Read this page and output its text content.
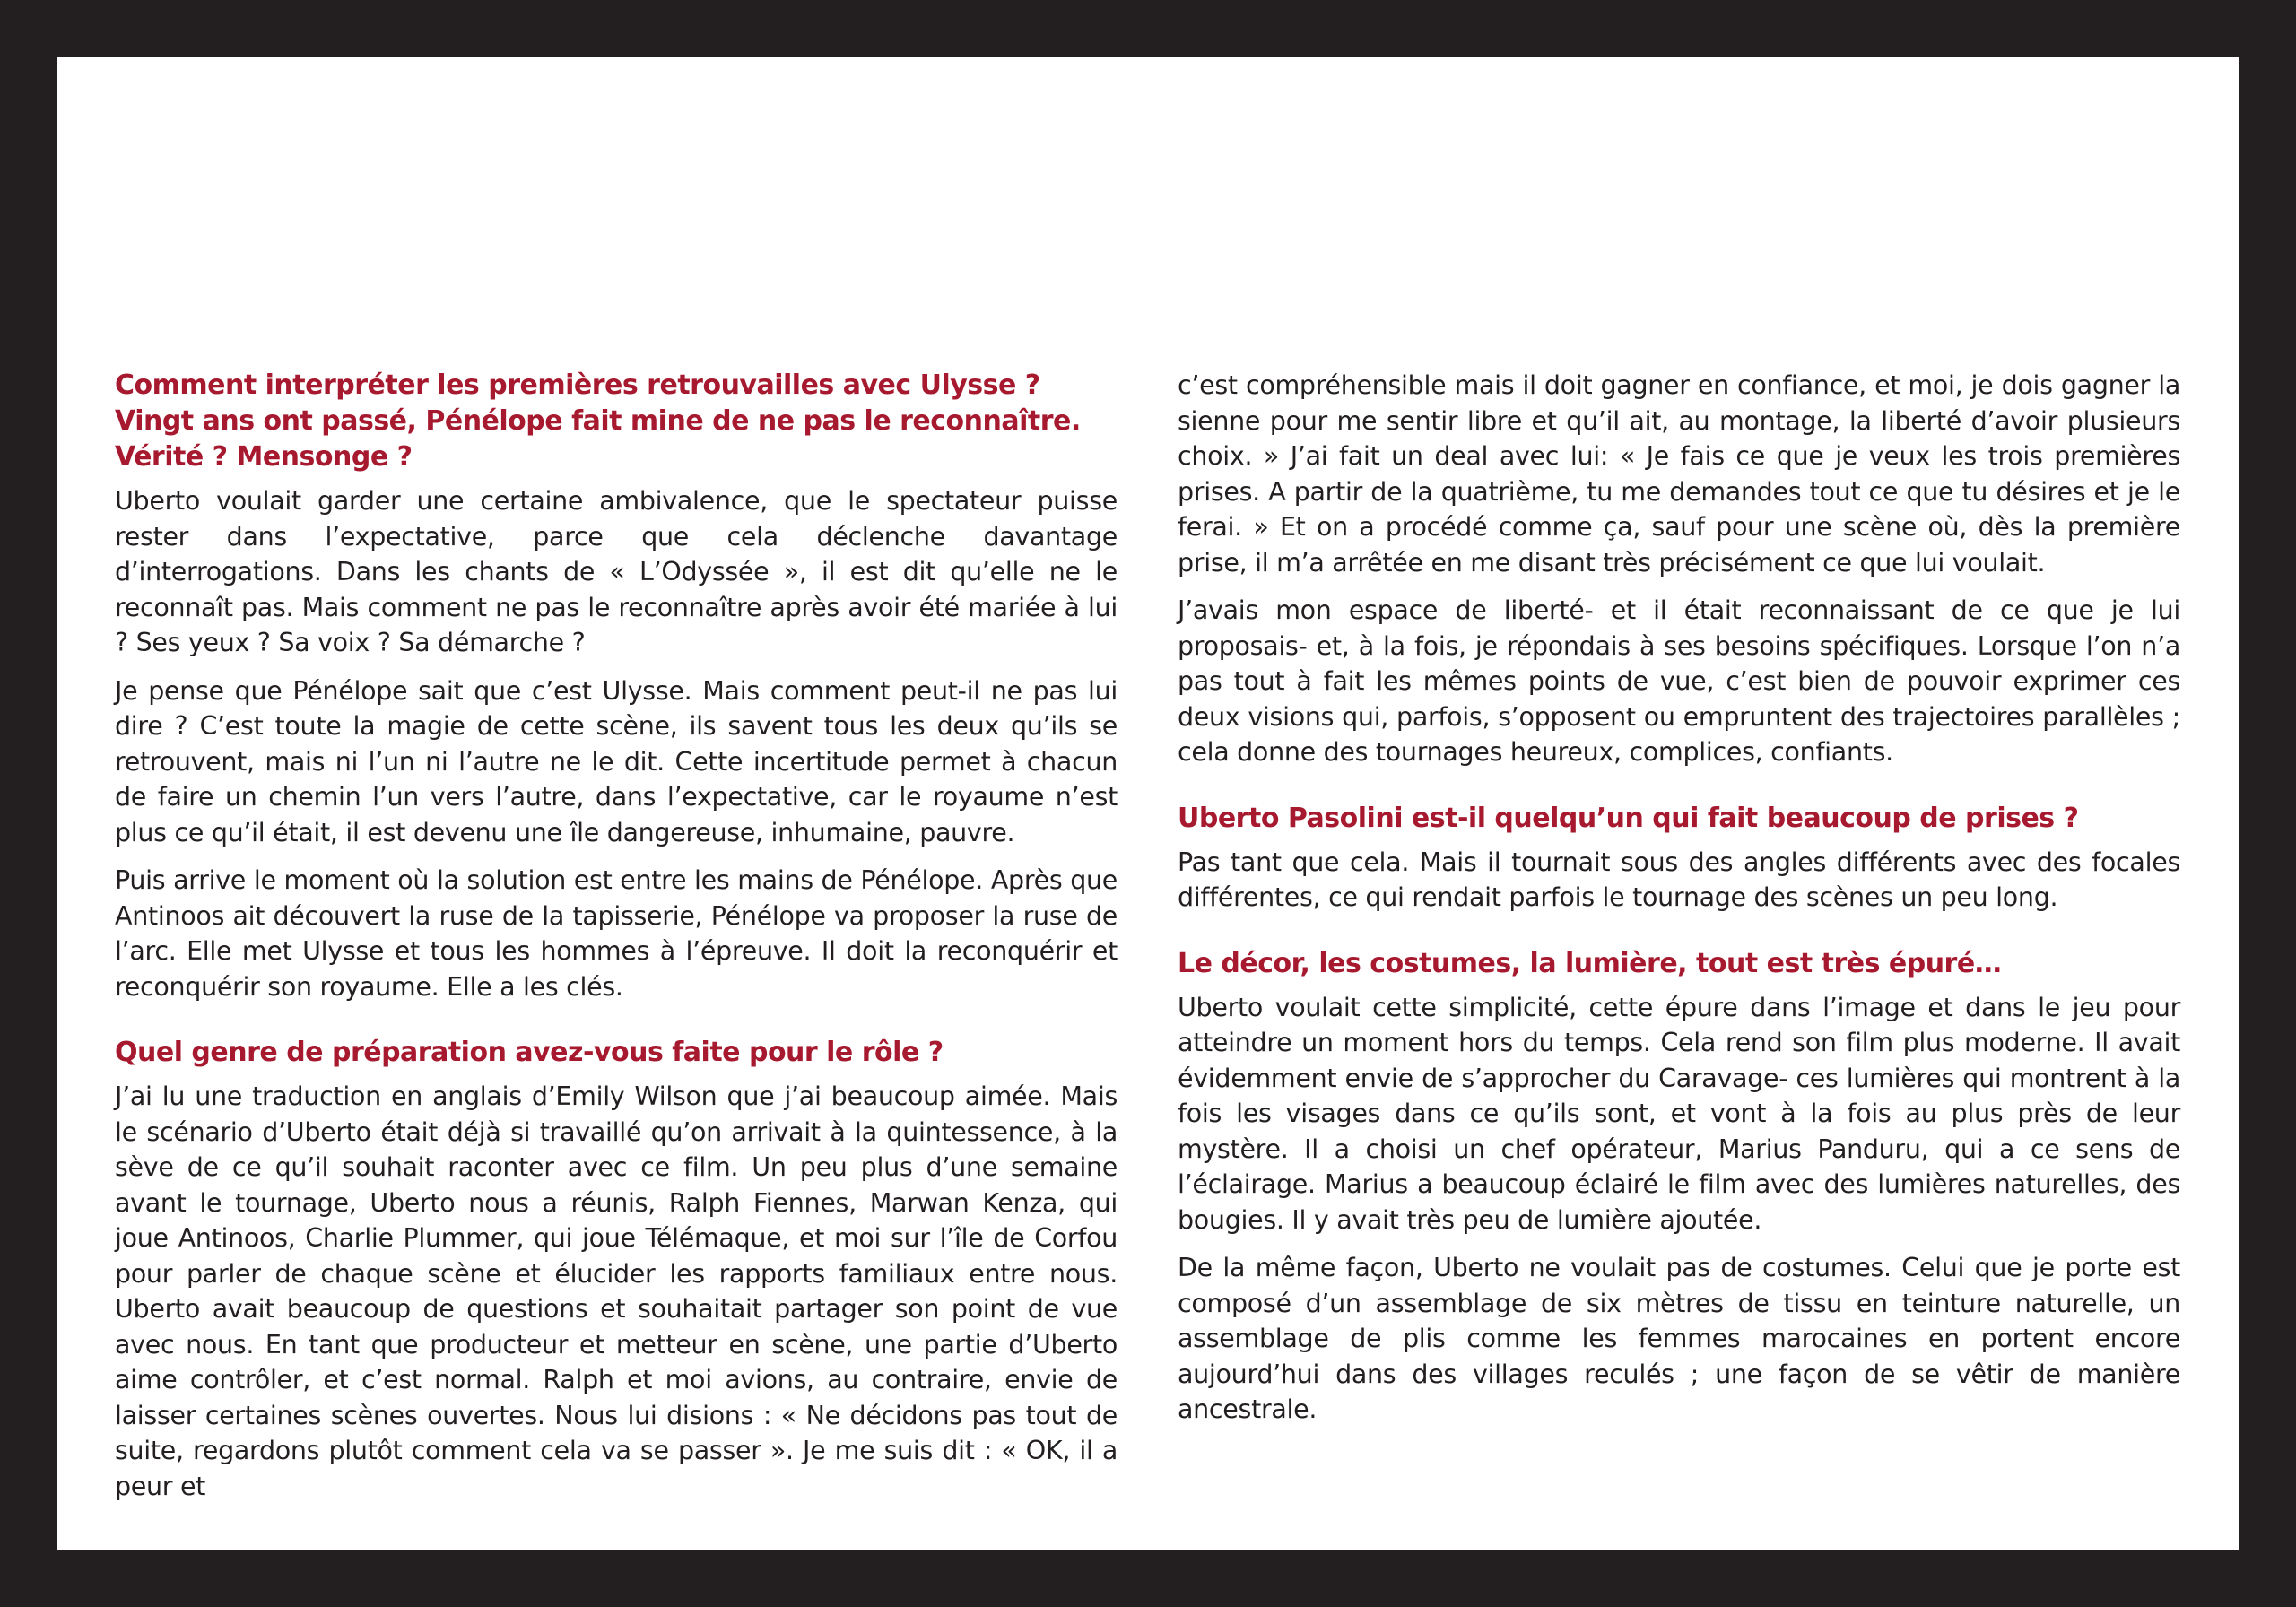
Comment interpréter les premières retrouvailles avec Ulysse ? Vingt ans ont passé, Pénélope fait mine de ne pas le reconnaître. Vérité ? Mensonge ?

Uberto voulait garder une certaine ambivalence, que le spectateur puisse rester dans l’expectative, parce que cela déclenche davantage d’interrogations. Dans les chants de « L’Odyssée », il est dit qu’elle ne le reconnaît pas. Mais comment ne pas le reconnaître après avoir été mariée à lui ? Ses yeux ? Sa voix ? Sa démarche ?

Je pense que Pénélope sait que c’est Ulysse. Mais comment peut-il ne pas lui dire ? C’est toute la magie de cette scène, ils savent tous les deux qu’ils se retrouvent, mais ni l’un ni l’autre ne le dit. Cette incertitude permet à chacun de faire un chemin l’un vers l’autre, dans l’expectative, car le royaume n’est plus ce qu’il était, il est devenu une île dangereuse, inhumaine, pauvre.

Puis arrive le moment où la solution est entre les mains de Pénélope. Après que Antinoos ait découvert la ruse de la tapisserie, Pénélope va proposer la ruse de l’arc. Elle met Ulysse et tous les hommes à l’épreuve. Il doit la reconquérir et reconquérir son royaume. Elle a les clés.

Quel genre de préparation avez-vous faite pour le rôle ?

J’ai lu une traduction en anglais d’Emily Wilson que j’ai beaucoup aimée. Mais le scénario d’Uberto était déjà si travaillé qu’on arrivait à la quintessence, à la sève de ce qu’il souhait raconter avec ce film. Un peu plus d’une semaine avant le tournage, Uberto nous a réunis, Ralph Fiennes, Marwan Kenza, qui joue Antinoos, Charlie Plummer, qui joue Télémaque, et moi sur l’île de Corfou pour parler de chaque scène et élucider les rapports familiaux entre nous. Uberto avait beaucoup de questions et souhaitait partager son point de vue avec nous. En tant que producteur et metteur en scène, une partie d’Uberto aime contrôler, et c’est normal. Ralph et moi avions, au contraire, envie de laisser certaines scènes ouvertes. Nous lui disions : « Ne décidons pas tout de suite, regardons plutôt comment cela va se passer ». Je me suis dit : « OK, il a peur et

c’est compréhensible mais il doit gagner en confiance, et moi, je dois gagner la sienne pour me sentir libre et qu’il ait, au montage, la liberté d’avoir plusieurs choix. » J’ai fait un deal avec lui: « Je fais ce que je veux les trois premières prises. A partir de la quatrième, tu me demandes tout ce que tu désires et je le ferai. » Et on a procédé comme ça, sauf pour une scène où, dès la première prise, il m’a arrêtée en me disant très précisément ce que lui voulait.

J’avais mon espace de liberté- et il était reconnaissant de ce que je lui proposais- et, à la fois, je répondais à ses besoins spécifiques. Lorsque l’on n’a pas tout à fait les mêmes points de vue, c’est bien de pouvoir exprimer ces deux visions qui, parfois, s’opposent ou empruntent des trajectoires parallèles ; cela donne des tournages heureux, complices, confiants.

Uberto Pasolini est-il quelqu’un qui fait beaucoup de prises ?

Pas tant que cela. Mais il tournait sous des angles différents avec des focales différentes, ce qui rendait parfois le tournage des scènes un peu long.

Le décor, les costumes, la lumière, tout est très épuré…

Uberto voulait cette simplicité, cette épure dans l’image et dans le jeu pour atteindre un moment hors du temps. Cela rend son film plus moderne. Il avait évidemment envie de s’approcher du Caravage- ces lumières qui montrent à la fois les visages dans ce qu’ils sont, et vont à la fois au plus près de leur mystère. Il a choisi un chef opérateur, Marius Panduru, qui a ce sens de l’éclairage. Marius a beaucoup éclairé le film avec des lumières naturelles, des bougies. Il y avait très peu de lumière ajoutée.

De la même façon, Uberto ne voulait pas de costumes. Celui que je porte est composé d’un assemblage de six mètres de tissu en teinture naturelle, un assemblage de plis comme les femmes marocaines en portent encore aujourd’hui dans des villages reculés ; une façon de se vêtir de manière ancestrale.
